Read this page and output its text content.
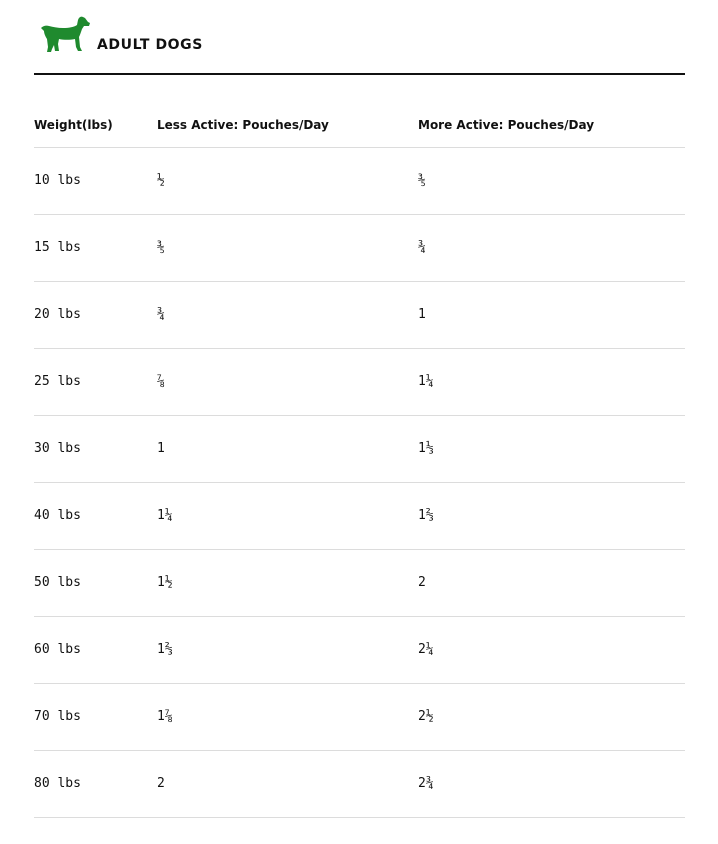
ADULT DOGS
Weight(lbs)	Less Active: Pouches/Day	More Active: Pouches/Day
10 lbs	½	⅗
15 lbs	⅗	¾
20 lbs	¾	1
25 lbs	⅞	1¼
30 lbs	1	1⅓
40 lbs	1¼	1⅔
50 lbs	1½	2
60 lbs	1⅔	2¼
70 lbs	1⅞	2½
80 lbs	2	2¾
